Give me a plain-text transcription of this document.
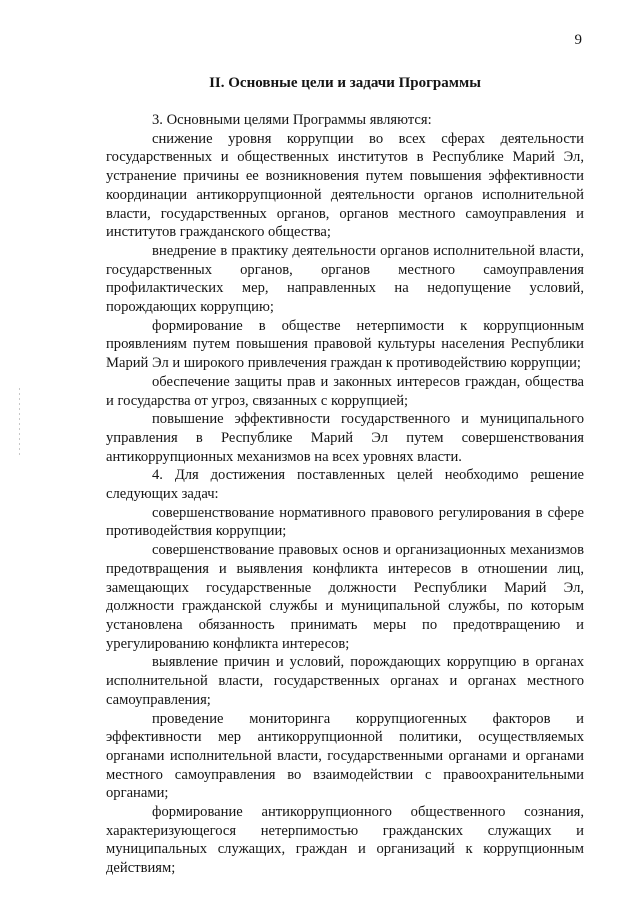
9
II. Основные цели и задачи Программы

3. Основными целями Программы являются:

снижение уровня коррупции во всех сферах деятельности государственных и общественных институтов в Республике Марий Эл, устранение причины ее возникновения путем повышения эффективности координации антикоррупционной деятельности органов исполнительной власти, государственных органов, органов местного самоуправления и институтов гражданского общества;

внедрение в практику деятельности органов исполнительной власти, государственных органов, органов местного самоуправления профилактических мер, направленных на недопущение условий, порождающих коррупцию;

формирование в обществе нетерпимости к коррупционным проявлениям путем повышения правовой культуры населения Республики Марий Эл и широкого привлечения граждан к противодействию коррупции;

обеспечение защиты прав и законных интересов граждан, общества и государства от угроз, связанных с коррупцией;

повышение эффективности государственного и муниципального управления в Республике Марий Эл путем совершенствования антикоррупционных механизмов на всех уровнях власти.

4. Для достижения поставленных целей необходимо решение следующих задач:

совершенствование нормативного правового регулирования в сфере противодействия коррупции;

совершенствование правовых основ и организационных механизмов предотвращения и выявления конфликта интересов в отношении лиц, замещающих государственные должности Республики Марий Эл, должности гражданской службы и муниципальной службы, по которым установлена обязанность принимать меры по предотвращению и урегулированию конфликта интересов;

выявление причин и условий, порождающих коррупцию в органах исполнительной власти, государственных органах и органах местного самоуправления;

проведение мониторинга коррупциогенных факторов и эффективности мер антикоррупционной политики, осуществляемых органами исполнительной власти, государственными органами и органами местного самоуправления во взаимодействии с правоохранительными органами;

формирование антикоррупционного общественного сознания, характеризующегося нетерпимостью гражданских служащих и муниципальных служащих, граждан и организаций к коррупционным действиям;
